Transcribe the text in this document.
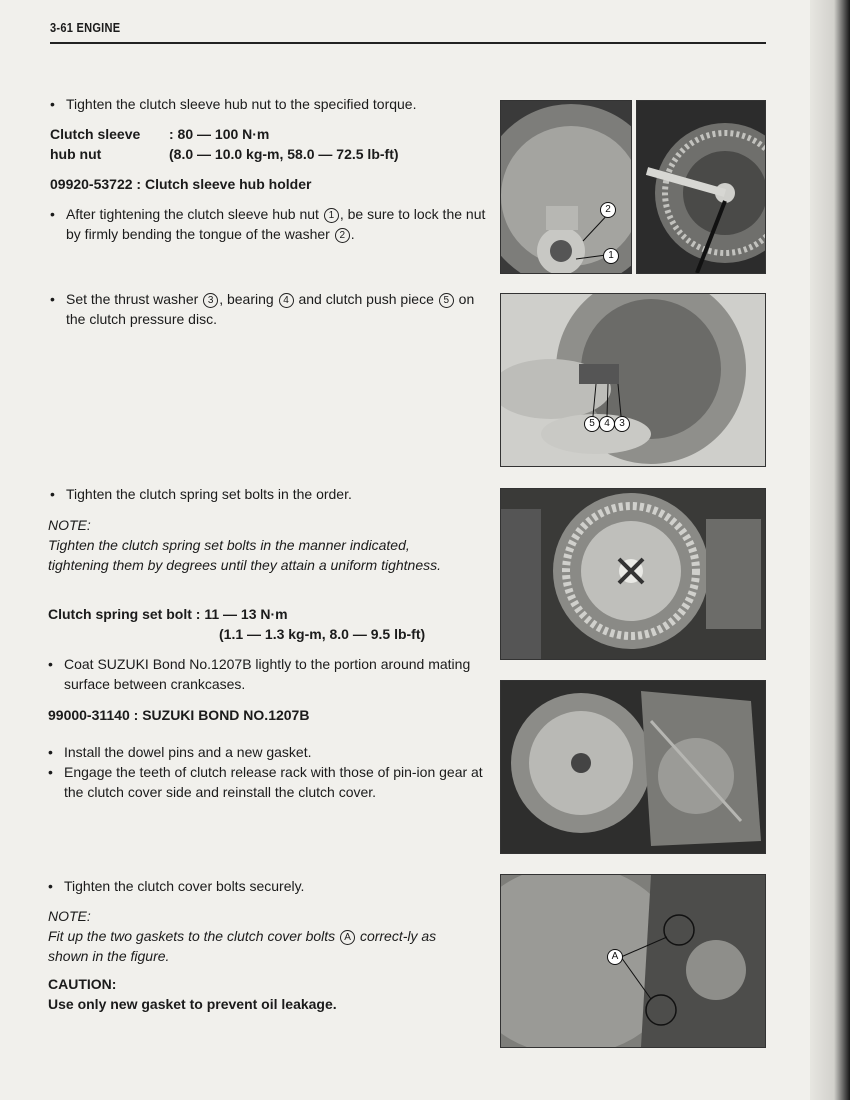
3-61 ENGINE

• Tighten the clutch sleeve hub nut to the specified torque.

Clutch sleeve : 80 — 100 N·m
hub nut	(8.0 — 10.0 kg-m, 58.0 — 72.5 lb-ft)

09920-53722 : Clutch sleeve hub holder

• After tightening the clutch sleeve hub nut 1 , be sure to lock the nut by firmly bending the tongue of the washer 2 .

• Set the thrust washer 3 , bearing 4 and clutch push piece 5 on the clutch pressure disc.

• Tighten the clutch spring set bolts in the order.

NOTE:

Tighten the clutch spring set bolts in the manner indicated, tightening them by degrees until they attain a uniform tightness.

Clutch spring set bolt : 11 — 13 N·m

(1.1 — 1.3 kg-m, 8.0 — 9.5 lb-ft)

• Coat SUZUKI Bond No.1207B lightly to the portion around mating surface between crankcases.

99000-31140 : SUZUKI BOND NO.1207B

• Install the dowel pins and a new gasket.

• Engage the teeth of clutch release rack with those of pin-ion gear at the clutch cover side and reinstall the clutch cover.

• Tighten the clutch cover bolts securely.

NOTE:

Fit up the two gaskets to the clutch cover bolts A correct-ly as shown in the figure.

CAUTION:

Use only new gasket to prevent oil leakage.

2
1
5 4 3
A
